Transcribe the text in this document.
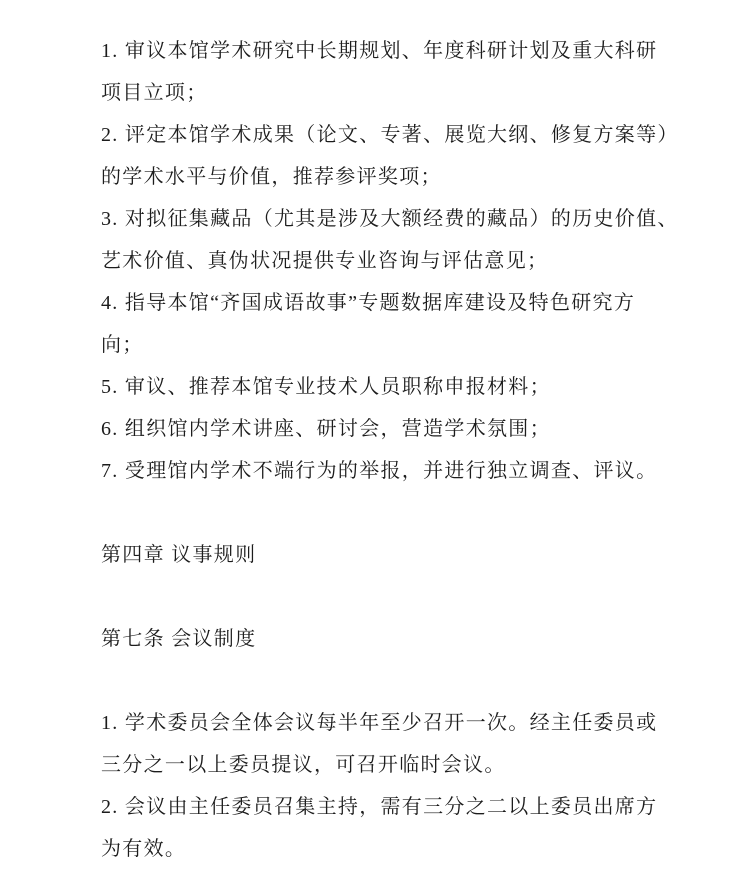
1. 审议本馆学术研究中长期规划、年度科研计划及重大科研
项目立项；
2. 评定本馆学术成果（论文、专著、展览大纲、修复方案等）
的学术水平与价值，推荐参评奖项；
3. 对拟征集藏品（尤其是涉及大额经费的藏品）的历史价值、
艺术价值、真伪状况提供专业咨询与评估意见；
4. 指导本馆“齐国成语故事”专题数据库建设及特色研究方
向；
5. 审议、推荐本馆专业技术人员职称申报材料；
6. 组织馆内学术讲座、研讨会，营造学术氛围；
7. 受理馆内学术不端行为的举报，并进行独立调查、评议。
第四章 议事规则
第七条 会议制度
1. 学术委员会全体会议每半年至少召开一次。经主任委员或
三分之一以上委员提议，可召开临时会议。
2. 会议由主任委员召集主持，需有三分之二以上委员出席方
为有效。
